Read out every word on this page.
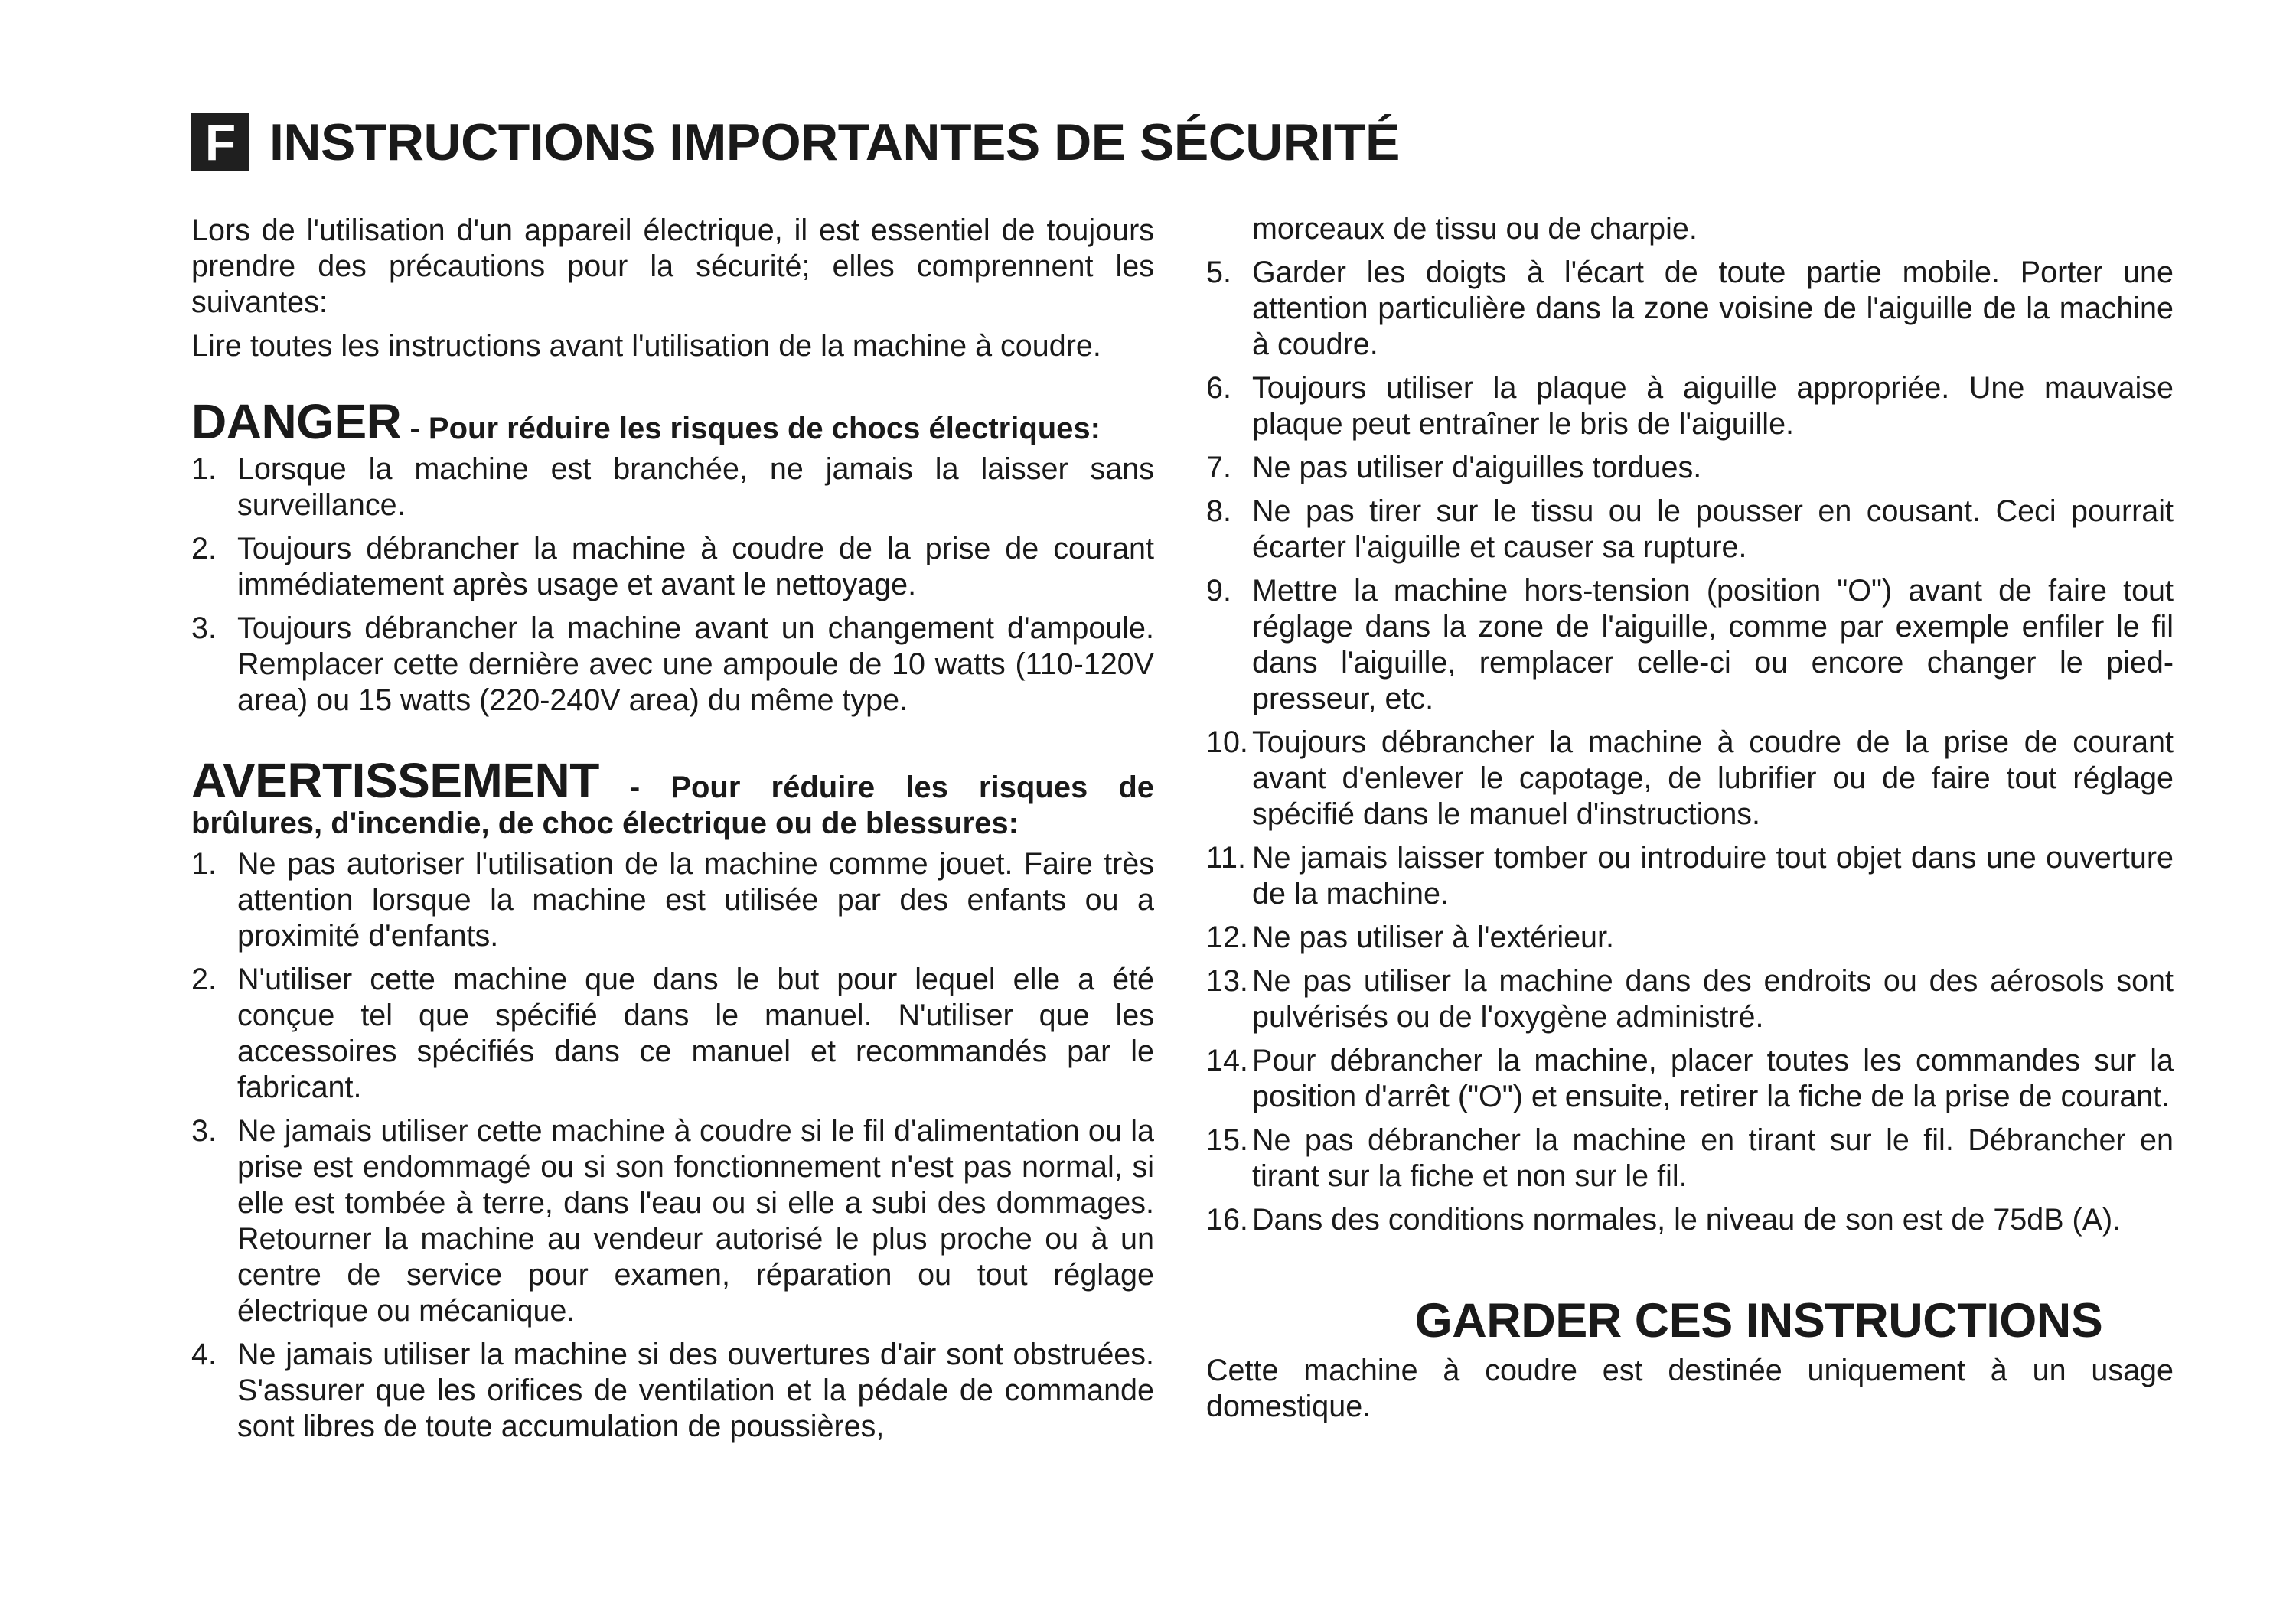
F INSTRUCTIONS IMPORTANTES DE SÉCURITÉ

Lors de l'utilisation d'un appareil électrique, il est essentiel de toujours prendre des précautions pour la sécurité; elles comprennent les suivantes:

Lire toutes les instructions avant l'utilisation de la machine à coudre.

DANGER - Pour réduire les risques de chocs électriques:
1. Lorsque la machine est branchée, ne jamais la laisser sans surveillance.
2. Toujours débrancher la machine à coudre de la prise de courant immédiatement après usage et avant le nettoyage.
3. Toujours débrancher la machine avant un changement d'ampoule. Remplacer cette dernière avec une ampoule de 10 watts (110-120V area) ou 15 watts (220-240V area) du même type.
AVERTISSEMENT - Pour réduire les risques de brûlures, d'incendie, de choc électrique ou de blessures:
1. Ne pas autoriser l'utilisation de la machine comme jouet. Faire très attention lorsque la machine est utilisée par des enfants ou a proximité d'enfants.
2. N'utiliser cette machine que dans le but pour lequel elle a été conçue tel que spécifié dans le manuel. N'utiliser que les accessoires spécifiés dans ce manuel et recommandés par le fabricant.
3. Ne jamais utiliser cette machine à coudre si le fil d'alimentation ou la prise est endommagé ou si son fonctionnement n'est pas normal, si elle est tombée à terre, dans l'eau ou si elle a subi des dommages. Retourner la machine au vendeur autorisé le plus proche ou à un centre de service pour examen, réparation ou tout réglage électrique ou mécanique.
4. Ne jamais utiliser la machine si des ouvertures d'air sont obstruées. S'assurer que les orifices de ventilation et la pédale de commande sont libres de toute accumulation de poussières,

morceaux de tissu ou de charpie.

5. Garder les doigts à l'écart de toute partie mobile. Porter une attention particulière dans la zone voisine de l'aiguille de la machine à coudre.
6. Toujours utiliser la plaque à aiguille appropriée. Une mauvaise plaque peut entraîner le bris de l'aiguille.
7. Ne pas utiliser d'aiguilles tordues.
8. Ne pas tirer sur le tissu ou le pousser en cousant. Ceci pourrait écarter l'aiguille et causer sa rupture.
9. Mettre la machine hors-tension (position "O") avant de faire tout réglage dans la zone de l'aiguille, comme par exemple enfiler le fil dans l'aiguille, remplacer celle-ci ou encore changer le pied-presseur, etc.
10. Toujours débrancher la machine à coudre de la prise de courant avant d'enlever le capotage, de lubrifier ou de faire tout réglage spécifié dans le manuel d'instructions.
11. Ne jamais laisser tomber ou introduire tout objet dans une ouverture de la machine.
12. Ne pas utiliser à l'extérieur.
13. Ne pas utiliser la machine dans des endroits ou des aérosols sont pulvérisés ou de l'oxygène administré.
14. Pour débrancher la machine, placer toutes les commandes sur la position d'arrêt ("O") et ensuite, retirer la fiche de la prise de courant.
15. Ne pas débrancher la machine en tirant sur le fil. Débrancher en tirant sur la fiche et non sur le fil.
16. Dans des conditions normales, le niveau de son est de 75dB (A).
GARDER CES INSTRUCTIONS

Cette machine à coudre est destinée uniquement à un usage domestique.
